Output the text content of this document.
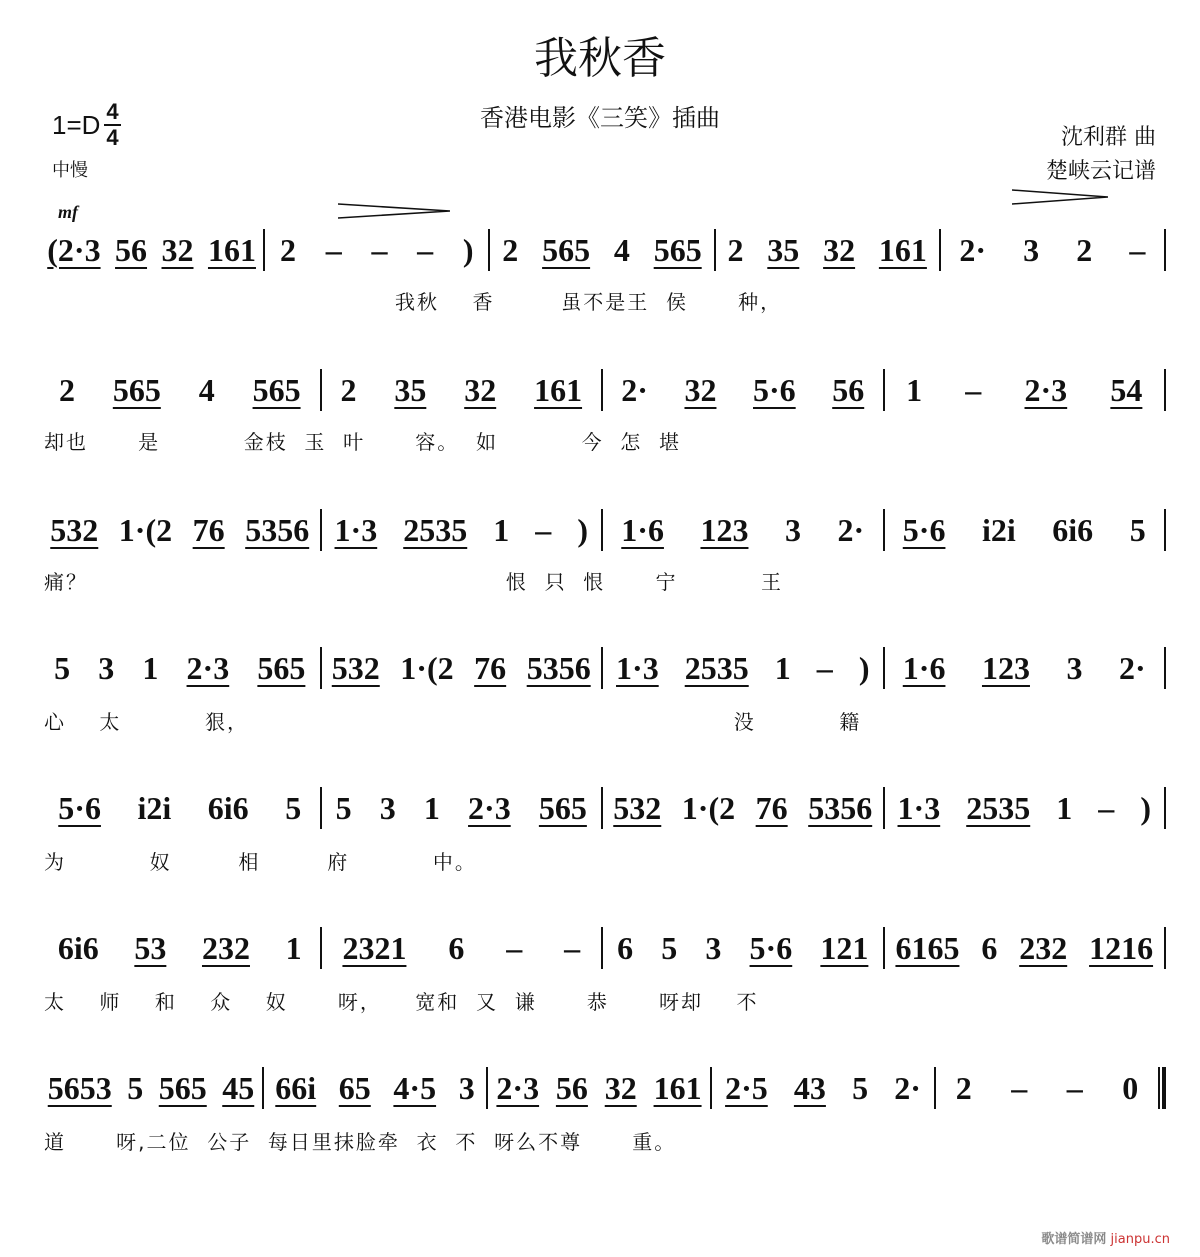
我秋香
香港电影《三笑》插曲
1=D 4
4
中慢
沈利群 曲
楚峡云记谱
mf
(2·3 56 32 161 2 – – – ) 2 565 4 565 2 35 32 161 2· 3 2 –
我秋    香        虽不是王  侯      种，
2 565 4 565 2 35 32 161 2· 32 5·6 56 1 – 2·3 54
却也      是          金枝  玉  叶      容。  如          今  怎  堪
532 1·(2 76 5356 1·3 2535 1 – ) 1·6 123 3 2· 5·6 i2i 6i6 5
痛？                                                  恨  只  恨      宁          王
5 3 1 2·3 565 532 1·(2 76 5356 1·3 2535 1 – ) 1·6 123 3 2·
心    太          狠，                                                          没          籍
5·6 i2i 6i6 5 5 3 1 2·3 565 532 1·(2 76 5356 1·3 2535 1 – )
为          奴        相        府          中。
6i6 53 232 1 2321 6 – – 6 5 3 5·6 121 6165 6 232 1216
太    师    和    众    奴      呀，    宽和  又  谦      恭      呀却    不
5653 5 565 45 66i 65 4·5 3 2·3 56 32 161 2·5 43 5 2· 2 – – 0
道      呀,二位  公子  每日里抹脸牵  衣  不  呀么不尊      重。
歌谱简谱网 jianpu.cn
